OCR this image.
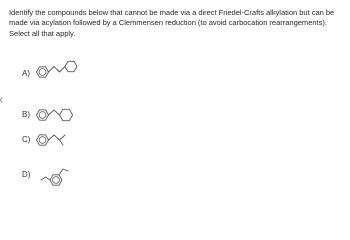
Identify the compounds below that cannot be made via a direct Friedel-Crafts alkylation but can be
made via acylation followed by a Clemmensen reduction (to avoid carbocation rearrangements).
Select all that apply.

A)
B)
C)
D)
